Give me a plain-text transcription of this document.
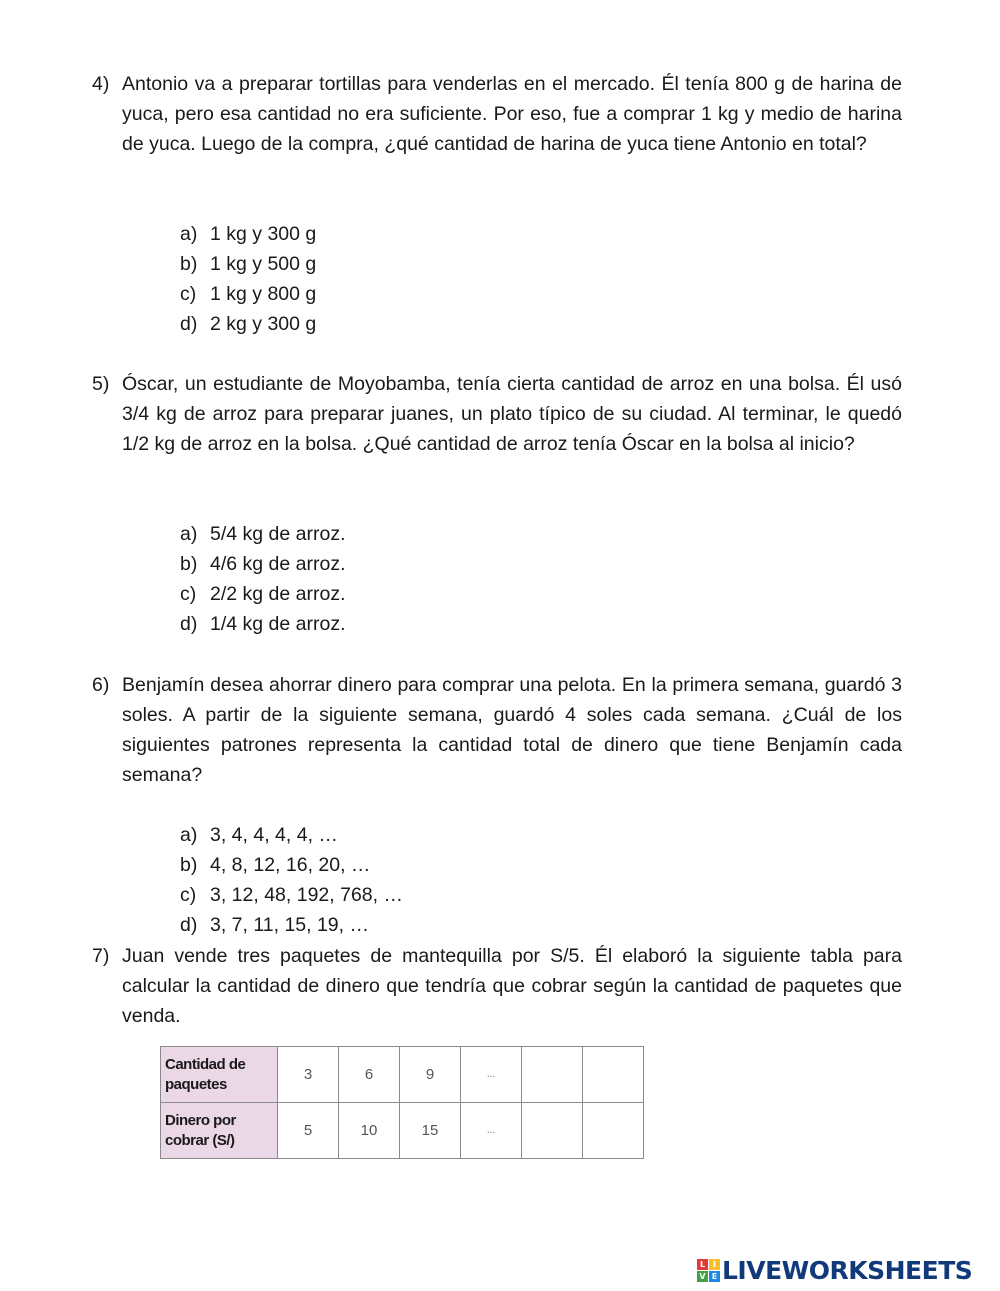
4) Antonio va a preparar tortillas para venderlas en el mercado. Él tenía 800 g de harina de yuca, pero esa cantidad no era suficiente. Por eso, fue a comprar 1 kg y medio de harina de yuca. Luego de la compra, ¿qué cantidad de harina de yuca tiene Antonio en total?
a) 1 kg y 300 g
b) 1 kg y 500 g
c) 1 kg y 800 g
d) 2 kg y 300 g
5) Óscar, un estudiante de Moyobamba, tenía cierta cantidad de arroz en una bolsa. Él usó 3/4 kg de arroz para preparar juanes, un plato típico de su ciudad. Al terminar, le quedó 1/2 kg de arroz en la bolsa. ¿Qué cantidad de arroz tenía Óscar en la bolsa al inicio?
a) 5/4 kg de arroz.
b) 4/6 kg de arroz.
c) 2/2 kg de arroz.
d) 1/4 kg de arroz.
6) Benjamín desea ahorrar dinero para comprar una pelota. En la primera semana, guardó 3 soles. A partir de la siguiente semana, guardó 4 soles cada semana. ¿Cuál de los siguientes patrones representa la cantidad total de dinero que tiene Benjamín cada semana?
a) 3, 4, 4, 4, 4, …
b) 4, 8, 12, 16, 20, …
c) 3, 12, 48, 192, 768, …
d) 3, 7, 11, 15, 19, …
7) Juan vende tres paquetes de mantequilla por S/5. Él elaboró la siguiente tabla para calcular la cantidad de dinero que tendría que cobrar según la cantidad de paquetes que venda.
Cantidad de paquetes	3	6	9	...		
Dinero por cobrar (S/)	5	10	15	...		
L I
V E LIVEWORKSHEETS
